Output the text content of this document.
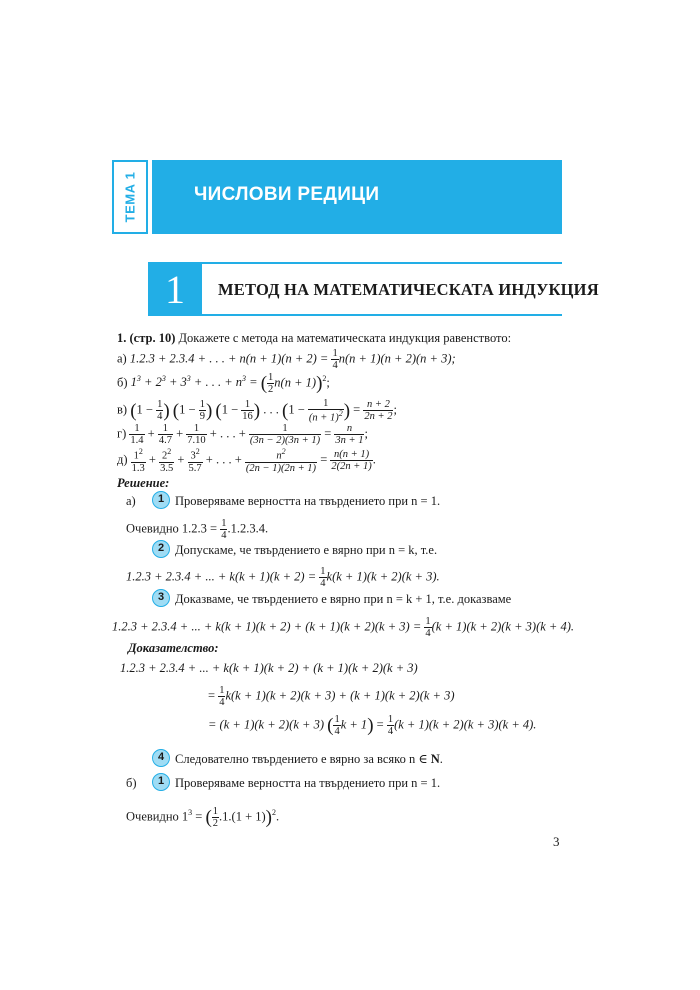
ТЕМА 1	ЧИСЛОВИ РЕДИЦИ
1	МЕТОД НА МАТЕМАТИЧЕСКАТА ИНДУКЦИЯ
1. (стр. 10) Докажете с метода на математическата индукция равенството:
а) 1.2.3 + 2.3.4 + . . . + $n(n + 1)(n + 2) = \frac{1}{4} n(n + 1)(n + 2)(n + 3)$;
б) $1^3 + 2^3 + 3^3$ + . . . + $n^3$ = ( $\frac{1}{2} n(n + 1))^2$;
в) ($1 - \frac{1}{4}$ ) ($1 - \frac{1}{9}$ ) ($1 - \frac{1}{16}$ ) . . . ($1 - \frac{1}{(n + 1)^2}$ ) = $\frac{n + 2}{2n + 2}$ ;
$г) \frac{1}{1.4} + \frac{1}{4.7} + \frac{1}{7.10}$ + . . . + $\frac{1}{(3n - 2)(3n + 1)} = \frac{n}{3n + 1}$ ;
$д) \frac{1^2}{1.3} + \frac{2^2}{3.5} + \frac{3^2}{5.7}$ + . . . + $\frac{n^2}{(2n - 1)(2n + 1)} = \frac{n(n + 1)}{2(2n + 1)}$ .
Решение:
а)	1 Проверяваме верността на твърдението при n = 1.
Очевидно $1.2.3 = \frac{1}{4} .1.2.3.4$.
2 Допускаме, че твърдението е вярно при n = k, т.е.
1.2.3 + 2.3.4 + ... + $k(k + 1)(k + 2) = \frac{1}{4} k(k + 1)(k + 2)(k + 3)$.
3 Доказваме, че твърдението е вярно при n = k + 1, т.е. доказваме
1.2.3 + 2.3.4 + ... + $k(k + 1)(k + 2) + (k + 1)(k + 2)(k + 3) = \frac{1}{4} (k + 1)(k + 2)(k + 3)(k + 4)$.
Доказателство:
1.2.3 + 2.3.4 + ... + k(k + 1)(k + 2) + (k + 1)(k + 2)(k + 3)
= $\frac{1}{4} k(k + 1)(k + 2)(k + 3) + (k + 1)(k + 2)(k + 3)$
= (k + 1)(k + 2)(k + 3) ( $\frac{1}{4}$ $k + 1) = \frac{1}{4} (k + 1)(k + 2)(k + 3)(k + 4)$.
4 Следователно твърдението е вярно за всяко n ∈ N.
б)	1 Проверяваме верността на твърдението при n = 1.
Очевидно $1^3$ = ( $\frac{1}{2} .1.(1 + 1))^2$.
3
